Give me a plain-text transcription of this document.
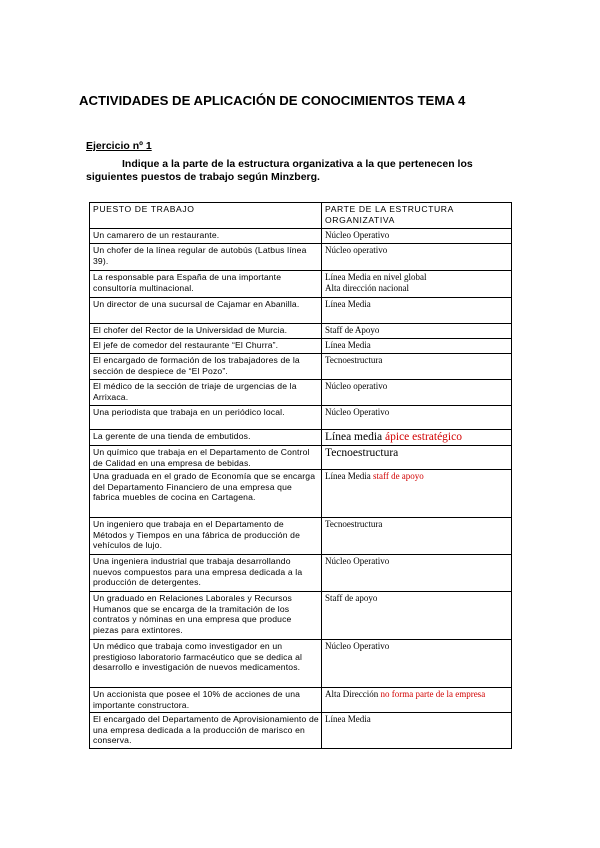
ACTIVIDADES DE APLICACIÓN DE CONOCIMIENTOS TEMA 4
Ejercicio nº 1
Indique a la parte de la estructura organizativa a la que pertenecen los siguientes puestos de trabajo según Minzberg.
PUESTO DE TRABAJO	PARTE DE LA ESTRUCTURA ORGANIZATIVA
Un camarero de un restaurante.	Núcleo Operativo
Un chofer de la línea regular de autobús (Latbus línea 39).	Núcleo operativo
La responsable para España de una importante consultoría multinacional.	Línea Media en nivel global
Alta dirección nacional

Un director de una sucursal de Cajamar en Abanilla.	Línea Media
El chofer del Rector de la Universidad de Murcia.	Staff de Apoyo
El jefe de comedor del restaurante “El Churra”.	Línea Media
El encargado de formación de los trabajadores de la sección de despiece de “El Pozo”.	Tecnoestructura
El médico de la sección de triaje de urgencias de la Arrixaca.	Núcleo operativo
Una periodista que trabaja en un periódico local.	Núcleo Operativo
La gerente de una tienda de embutidos.	Línea media ápice estratégico
Un químico que trabaja en el Departamento de Control de Calidad en una empresa de bebidas.	Tecnoestructura
Una graduada en el grado de Economía que se encarga del Departamento Financiero de una empresa que fabrica muebles de cocina en Cartagena.	Línea Media staff de apoyo
Un ingeniero que trabaja en el Departamento de Métodos y Tiempos en una fábrica de producción de vehículos de lujo.	Tecnoestructura
Una ingeniera industrial que trabaja desarrollando nuevos compuestos para una empresa dedicada a la producción de detergentes.	Núcleo Operativo
Un graduado en Relaciones Laborales y Recursos Humanos que se encarga de la tramitación de los contratos y nóminas en una empresa que produce piezas para extintores.	Staff de apoyo
Un médico que trabaja como investigador en un prestigioso laboratorio farmacéutico que se dedica al desarrollo e investigación de nuevos medicamentos.	Núcleo Operativo
Un accionista que posee el 10% de acciones de una importante constructora.	Alta Dirección no forma parte de la empresa
El encargado del Departamento de Aprovisionamiento de una empresa dedicada a la producción de marisco en conserva.	Línea Media
